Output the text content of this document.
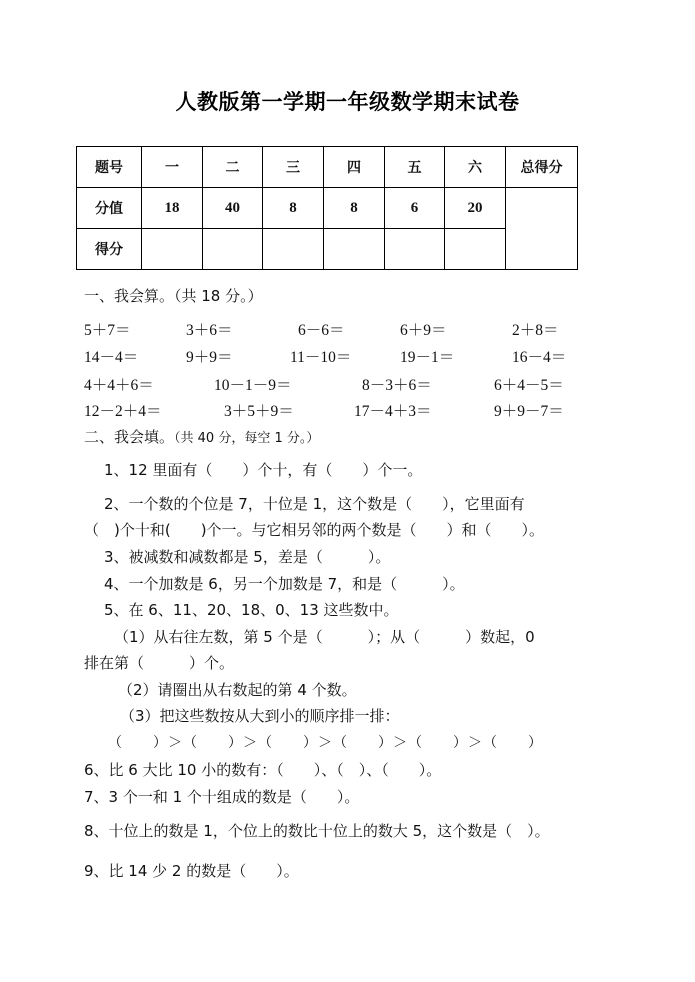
人教版第一学期一年级数学期末试卷
题号	一	二	三	四	五	六	总得分
分值	18	40	8	8	6	20	
得分							
一、我会算。（共 18 分。）
5＋7＝	3＋6＝	6－6＝	6＋9＝	2＋8＝
14－4＝	9＋9＝	11－10＝	19－1＝	16－4＝
4＋4＋6＝	10－1－9＝	8－3＋6＝	6＋4－5＝
12－2＋4＝	3＋5＋9＝	17－4＋3＝	9＋9－7＝
二、我会填。（共 40 分，每空 1 分。）
1、12 里面有（　　）个十，有（　　）个一。
2、一个数的个位是 7，十位是 1，这个数是（　　），它里面有
（　)个十和(　　)个一。与它相另邻的两个数是（　　）和（　　）。
3、被减数和减数都是 5，差是（　　　）。
4、一个加数是 6，另一个加数是 7，和是（　　　）。
5、在 6、11、20、18、0、13 这些数中。
（1）从右往左数，第 5 个是（　　　）；从（　　　）数起，0
排在第（　　　）个。
（2）请圈出从右数起的第 4 个数。
（3）把这些数按从大到小的顺序排一排：
（　　）＞（　　）＞（　　）＞（　　）＞（　　）＞（　　）
6、比 6 大比 10 小的数有：（　　）、（　）、（　　）。
7、3 个一和 1 个十组成的数是（　　）。
8、十位上的数是 1，个位上的数比十位上的数大 5，这个数是（　）。
9、比 14 少 2 的数是（　　）。
